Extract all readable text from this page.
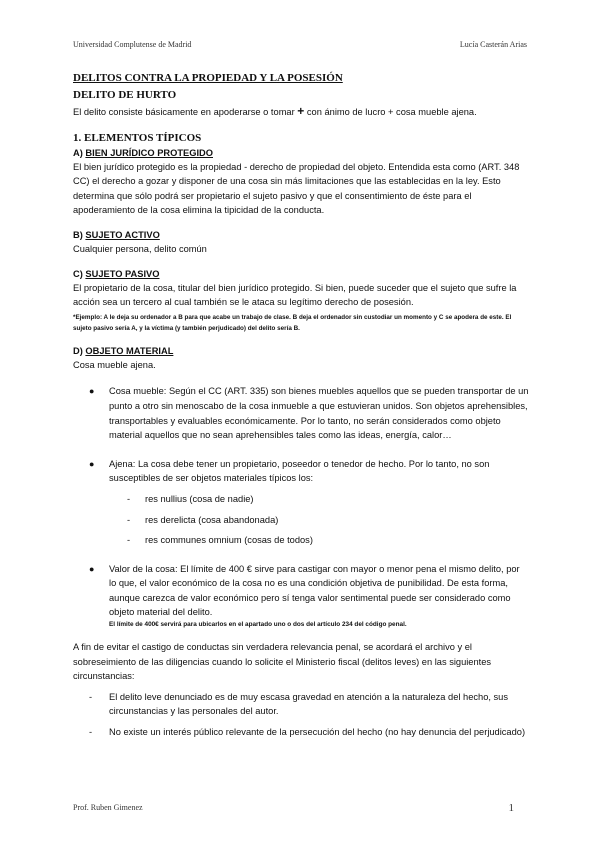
Universidad Complutense de Madrid	Lucía Casterán Arias
DELITOS CONTRA LA PROPIEDAD Y LA POSESIÓN
DELITO DE HURTO

El delito consiste básicamente en apoderarse o tomar + con ánimo de lucro + cosa mueble ajena.

1. ELEMENTOS TÍPICOS
A) BIEN JURÍDICO PROTEGIDO

El bien jurídico protegido es la propiedad - derecho de propiedad del objeto. Entendida esta como (ART. 348 CC) el derecho a gozar y disponer de una cosa sin más limitaciones que las establecidas en la ley. Esto determina que sólo podrá ser propietario el sujeto pasivo y que el consentimiento de éste para el apoderamiento de la cosa elimina la tipicidad de la conducta.

B) SUJETO ACTIVO

Cualquier persona, delito común

C) SUJETO PASIVO

El propietario de la cosa, titular del bien jurídico protegido. Si bien, puede suceder que el sujeto que sufre la acción sea un tercero al cual también se le ataca su legítimo derecho de posesión.

*Ejemplo: A le deja su ordenador a B para que acabe un trabajo de clase. B deja el ordenador sin custodiar un momento y C se apodera de este. El sujeto pasivo sería A, y la víctima (y también perjudicado) del delito sería B.

D) OBJETO MATERIAL

Cosa mueble ajena.

● Cosa mueble: Según el CC (ART. 335) son bienes muebles aquellos que se pueden transportar de un punto a otro sin menoscabo de la cosa inmueble a que estuvieran unidos. Son objetos aprehensibles, transportables y evaluables económicamente. Por lo tanto, no serán considerados como objeto material aquellos que no sean aprehensibles tales como las ideas, energía, calor…
● Ajena: La cosa debe tener un propietario, poseedor o tenedor de hecho. Por lo tanto, no son susceptibles de ser objetos materiales típicos los:
- res nullius (cosa de nadie)
- res derelicta (cosa abandonada)
- res communes omnium (cosas de todos)
● Valor de la cosa: El límite de 400 € sirve para castigar con mayor o menor pena el mismo delito, por lo que, el valor económico de la cosa no es una condición objetiva de punibilidad. De esta forma, aunque carezca de valor económico pero sí tenga valor sentimental puede ser considerado como objeto material del delito.
El límite de 400€ servirá para ubicarlos en el apartado uno o dos del artículo 234 del código penal.

A fin de evitar el castigo de conductas sin verdadera relevancia penal, se acordará el archivo y el sobreseimiento de las diligencias cuando lo solicite el Ministerio fiscal (delitos leves) en las siguientes circunstancias:

- El delito leve denunciado es de muy escasa gravedad en atención a la naturaleza del hecho, sus circunstancias y las personales del autor.
- No existe un interés público relevante de la persecución del hecho (no hay denuncia del perjudicado)
Prof. Ruben Gimenez	1
